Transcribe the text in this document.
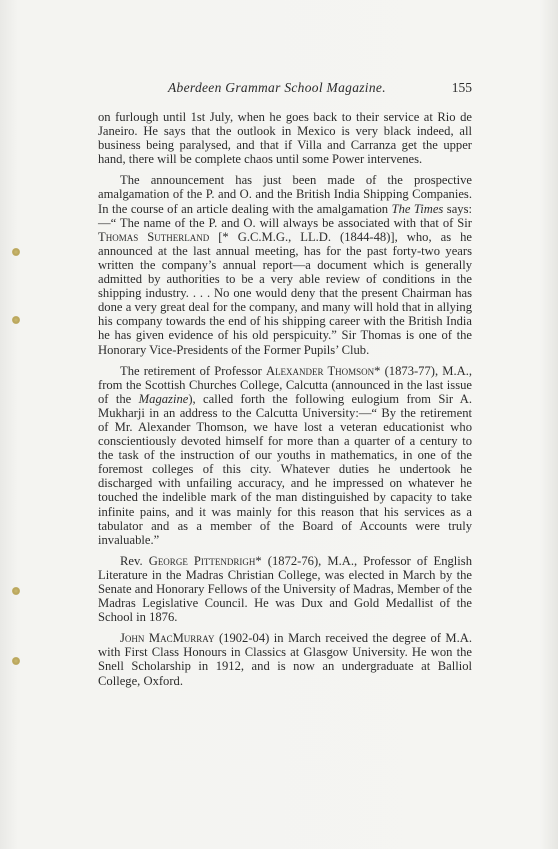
Aberdeen Grammar School Magazine.	155

on furlough until 1st July, when he goes back to their service at Rio de Janeiro. He says that the outlook in Mexico is very black indeed, all business being paralysed, and that if Villa and Carranza get the upper hand, there will be complete chaos until some Power intervenes.

The announcement has just been made of the prospective amalgamation of the P. and O. and the British India Shipping Companies. In the course of an article dealing with the amalgamation The Times says:—“ The name of the P. and O. will always be associated with that of Sir Thomas Sutherland [* G.C.M.G., LL.D. (1844-48)], who, as he announced at the last annual meeting, has for the past forty-two years written the company’s annual report—a document which is generally admitted by authorities to be a very able review of conditions in the shipping industry. . . . No one would deny that the present Chairman has done a very great deal for the company, and many will hold that in allying his company towards the end of his shipping career with the British India he has given evidence of his old perspicuity.” Sir Thomas is one of the Honorary Vice-Presidents of the Former Pupils’ Club.

The retirement of Professor Alexander Thomson* (1873-77), M.A., from the Scottish Churches College, Calcutta (announced in the last issue of the Magazine), called forth the following eulogium from Sir A. Mukharji in an address to the Calcutta University:—“ By the retirement of Mr. Alexander Thomson, we have lost a veteran educationist who conscientiously devoted himself for more than a quarter of a century to the task of the instruction of our youths in mathematics, in one of the foremost colleges of this city. Whatever duties he undertook he discharged with unfailing accuracy, and he impressed on whatever he touched the indelible mark of the man distinguished by capacity to take infinite pains, and it was mainly for this reason that his services as a tabulator and as a member of the Board of Accounts were truly invaluable.”

Rev. George Pittendrigh* (1872-76), M.A., Professor of English Literature in the Madras Christian College, was elected in March by the Senate and Honorary Fellows of the University of Madras, Member of the Madras Legislative Council. He was Dux and Gold Medallist of the School in 1876.

John MacMurray (1902-04) in March received the degree of M.A. with First Class Honours in Classics at Glasgow University. He won the Snell Scholarship in 1912, and is now an undergraduate at Balliol College, Oxford.
